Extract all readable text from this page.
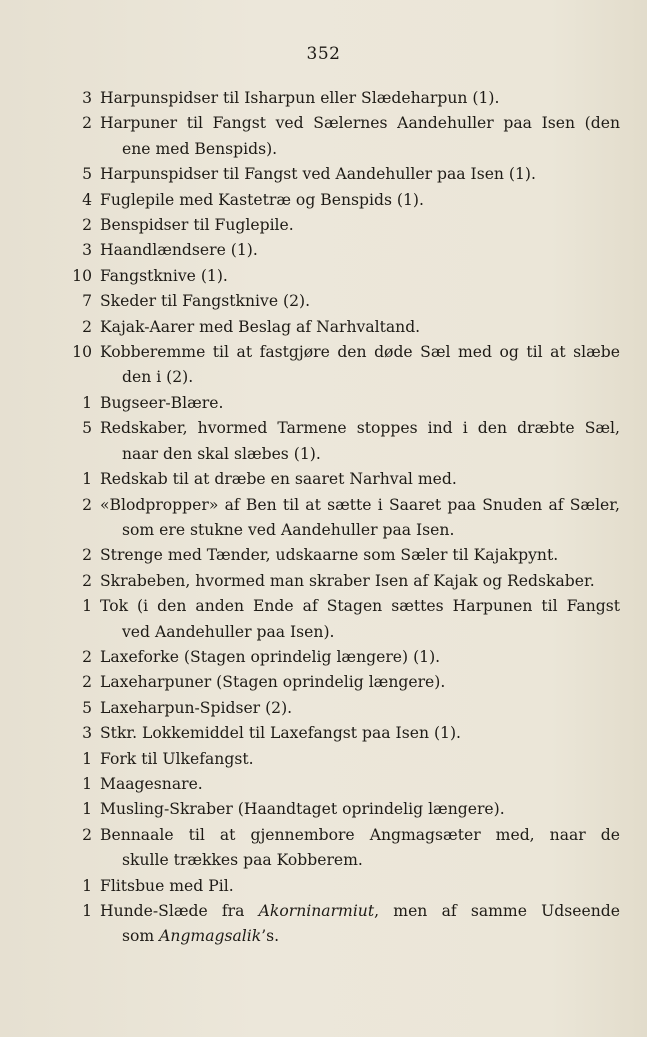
352
3 Harpunspidser til Isharpun eller Slædeharpun (1).
2 Harpuner til Fangst ved Sælernes Aandehuller paa Isen (den
ene med Benspids).
5 Harpunspidser til Fangst ved Aandehuller paa Isen (1).
4 Fuglepile med Kastetræ og Benspids (1).
2 Benspidser til Fuglepile.
3 Haandlændsere (1).
10 Fangstknive (1).
7 Skeder til Fangstknive (2).
2 Kajak-Aarer med Beslag af Narhvaltand.
10 Kobberemme til at fastgjøre den døde Sæl med og til at slæbe
den i (2).
1 Bugseer-Blære.
5 Redskaber, hvormed Tarmene stoppes ind i den dræbte Sæl,
naar den skal slæbes (1).
1 Redskab til at dræbe en saaret Narhval med.
2 «Blodpropper» af Ben til at sætte i Saaret paa Snuden af Sæler,
som ere stukne ved Aandehuller paa Isen.
2 Strenge med Tænder, udskaarne som Sæler til Kajakpynt.
2 Skrabeben, hvormed man skraber Isen af Kajak og Redskaber.
1 Tok (i den anden Ende af Stagen sættes Harpunen til Fangst
ved Aandehuller paa Isen).
2 Laxeforke (Stagen oprindelig længere) (1).
2 Laxeharpuner (Stagen oprindelig længere).
5 Laxeharpun-Spidser (2).
3 Stkr. Lokkemiddel til Laxefangst paa Isen (1).
1 Fork til Ulkefangst.
1 Maagesnare.
1 Musling-Skraber (Haandtaget oprindelig længere).
2 Bennaale til at gjennembore Angmagsæter med, naar de
skulle trækkes paa Kobberem.
1 Flitsbue med Pil.
1 Hunde-Slæde fra Akorninarmiut, men af samme Udseende
som Angmagsalik’s.
